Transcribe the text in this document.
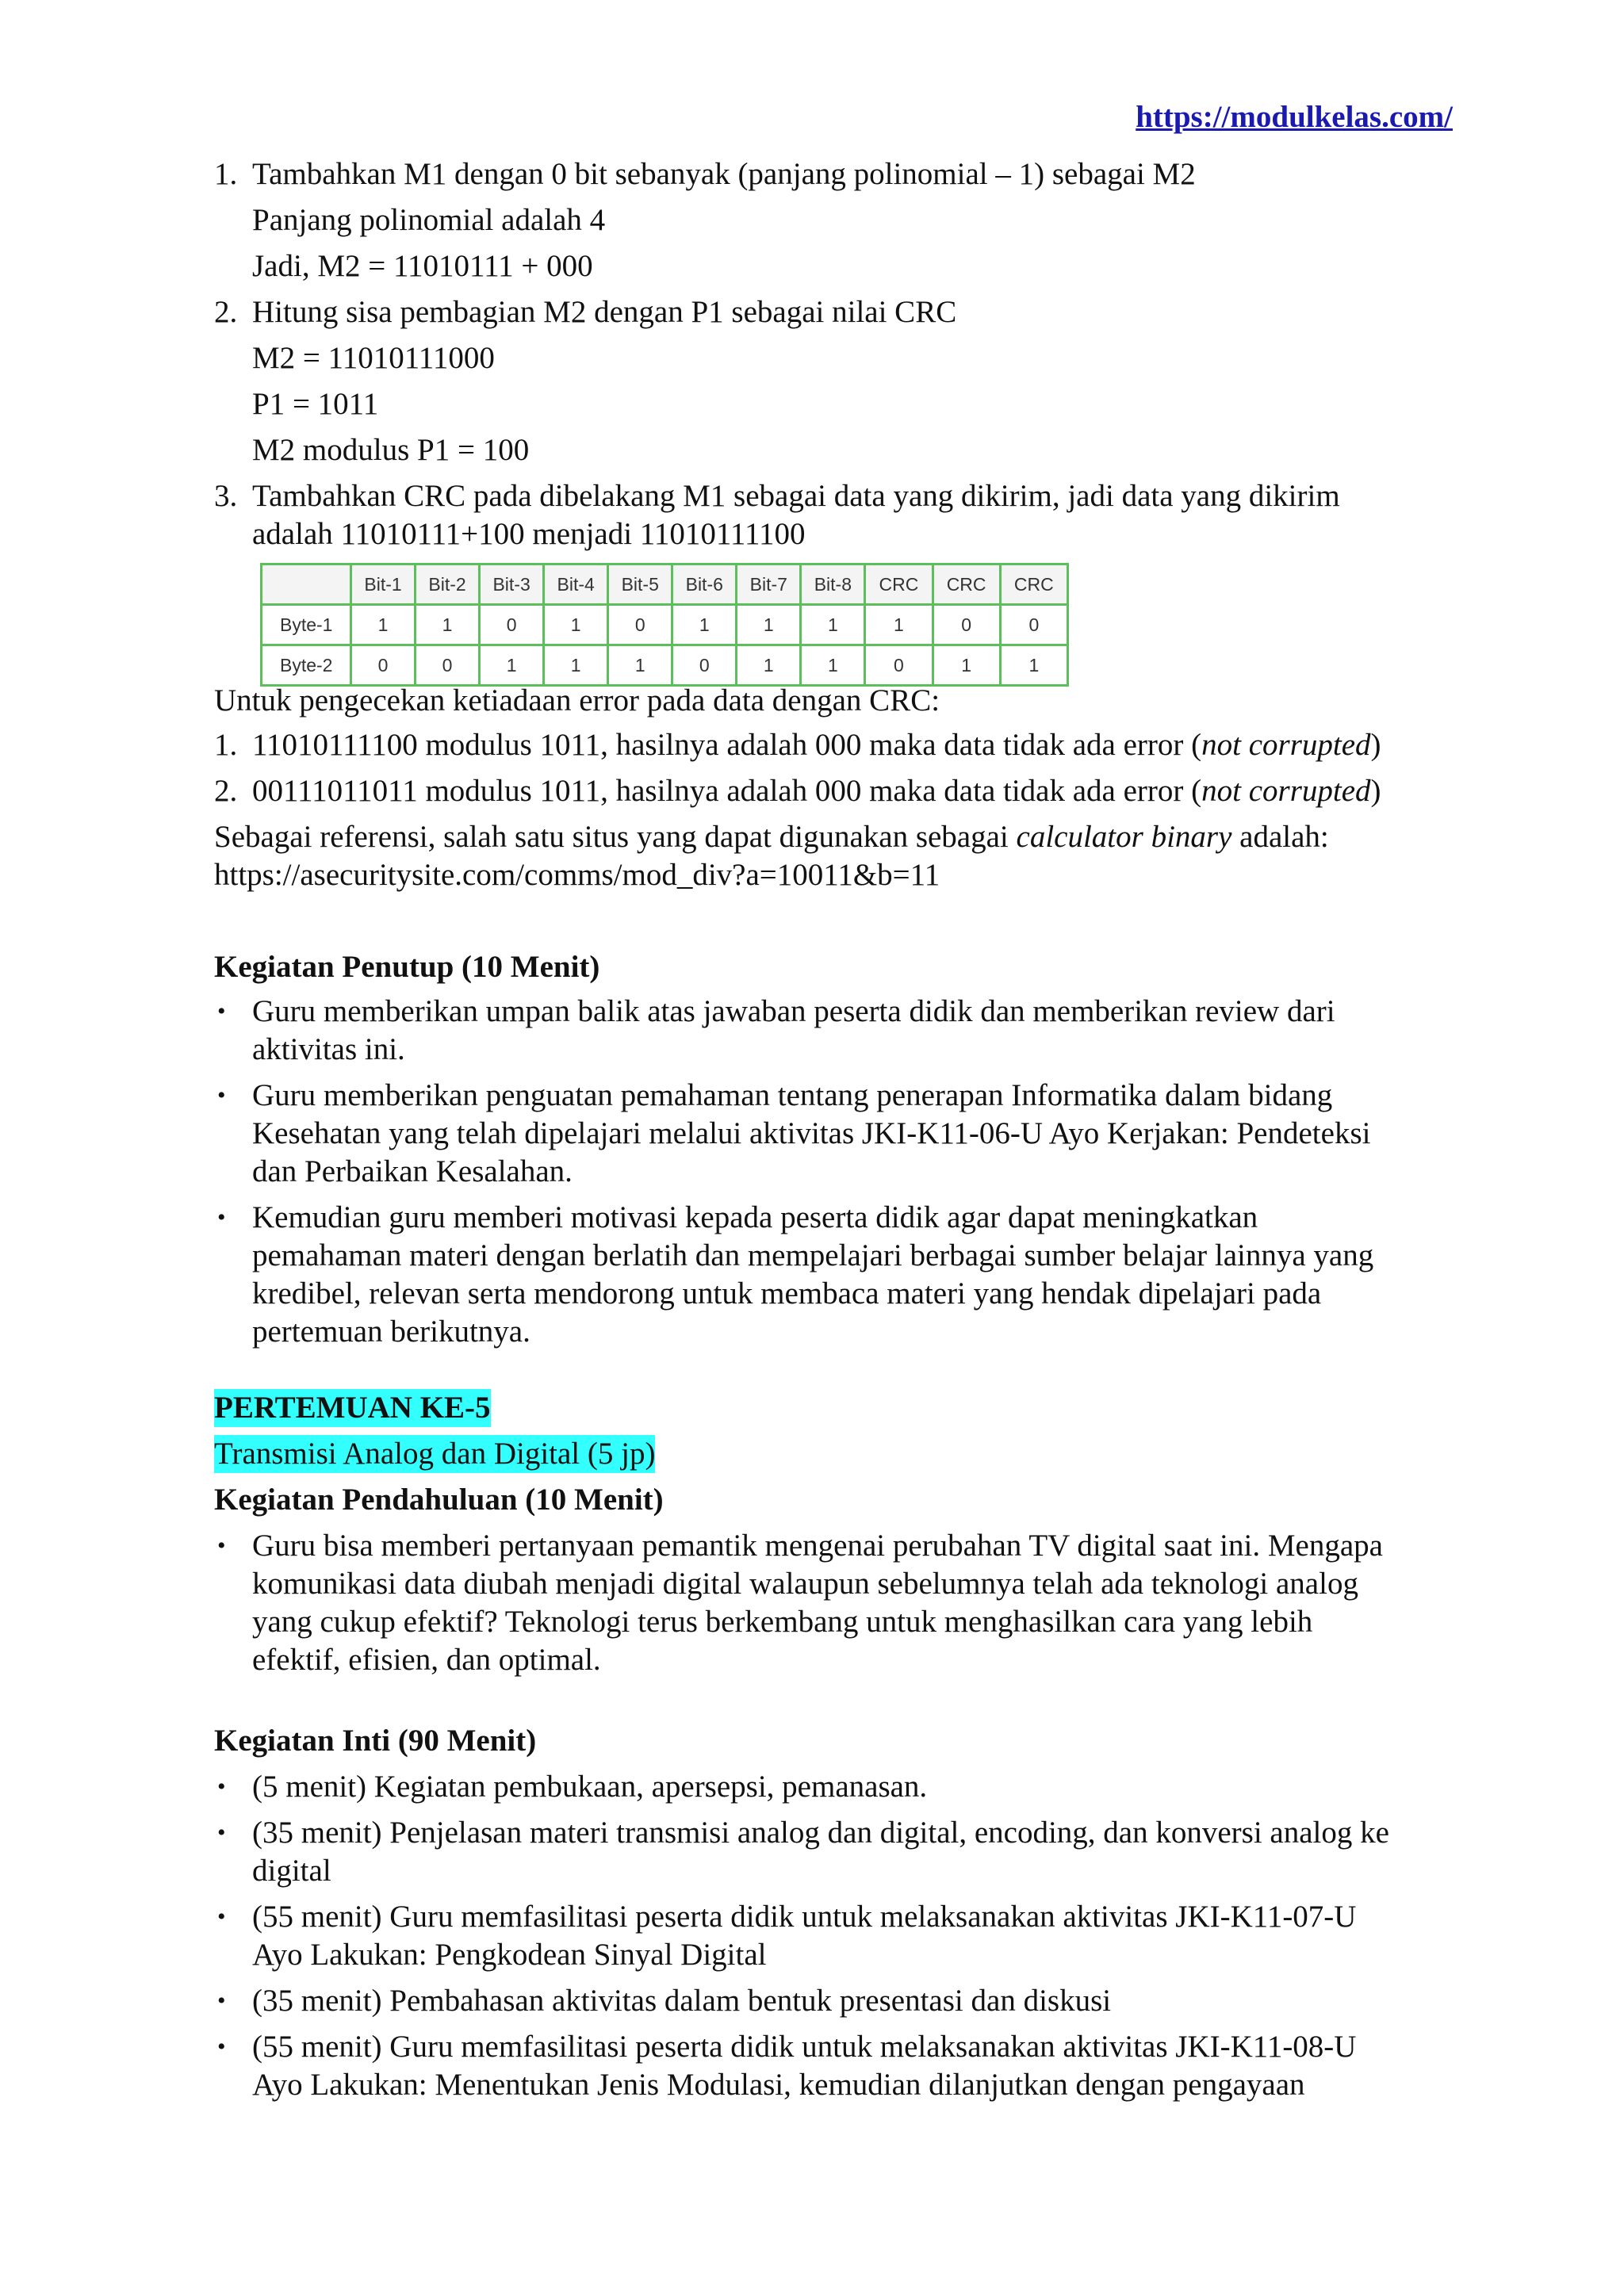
https://modulkelas.com/
1. Tambahkan M1 dengan 0 bit sebanyak (panjang polinomial – 1) sebagai M2
Panjang polinomial adalah 4
Jadi, M2 = 11010111 + 000
2. Hitung sisa pembagian M2 dengan P1 sebagai nilai CRC
M2 = 11010111000
P1 = 1011
M2 modulus P1 = 100
3. Tambahkan CRC pada dibelakang M1 sebagai data yang dikirim, jadi data yang dikirim
adalah 11010111+100 menjadi 11010111100
	Bit-1	Bit-2	Bit-3	Bit-4	Bit-5	Bit-6	Bit-7	Bit-8	CRC	CRC	CRC
Byte-1	1	1	0	1	0	1	1	1	1	0	0
Byte-2	0	0	1	1	1	0	1	1	0	1	1
Untuk pengecekan ketiadaan error pada data dengan CRC:
1. 11010111100 modulus 1011, hasilnya adalah 000 maka data tidak ada error (not corrupted)
2. 00111011011 modulus 1011, hasilnya adalah 000 maka data tidak ada error (not corrupted)
Sebagai referensi, salah satu situs yang dapat digunakan sebagai calculator binary adalah:
https://asecuritysite.com/comms/mod_div?a=10011&b=11
Kegiatan Penutup (10 Menit)
• Guru memberikan umpan balik atas jawaban peserta didik dan memberikan review dari
aktivitas ini.
• Guru memberikan penguatan pemahaman tentang penerapan Informatika dalam bidang
Kesehatan yang telah dipelajari melalui aktivitas JKI-K11-06-U Ayo Kerjakan: Pendeteksi
dan Perbaikan Kesalahan.
• Kemudian guru memberi motivasi kepada peserta didik agar dapat meningkatkan
pemahaman materi dengan berlatih dan mempelajari berbagai sumber belajar lainnya yang
kredibel, relevan serta mendorong untuk membaca materi yang hendak dipelajari pada
pertemuan berikutnya.
PERTEMUAN KE-5
Transmisi Analog dan Digital (5 jp)
Kegiatan Pendahuluan (10 Menit)
• Guru bisa memberi pertanyaan pemantik mengenai perubahan TV digital saat ini. Mengapa
komunikasi data diubah menjadi digital walaupun sebelumnya telah ada teknologi analog
yang cukup efektif? Teknologi terus berkembang untuk menghasilkan cara yang lebih
efektif, efisien, dan optimal.
Kegiatan Inti (90 Menit)
• (5 menit) Kegiatan pembukaan, apersepsi, pemanasan.
• (35 menit) Penjelasan materi transmisi analog dan digital, encoding, dan konversi analog ke
digital
• (55 menit) Guru memfasilitasi peserta didik untuk melaksanakan aktivitas JKI-K11-07-U
Ayo Lakukan: Pengkodean Sinyal Digital
• (35 menit) Pembahasan aktivitas dalam bentuk presentasi dan diskusi
• (55 menit) Guru memfasilitasi peserta didik untuk melaksanakan aktivitas JKI-K11-08-U
Ayo Lakukan: Menentukan Jenis Modulasi, kemudian dilanjutkan dengan pengayaan
